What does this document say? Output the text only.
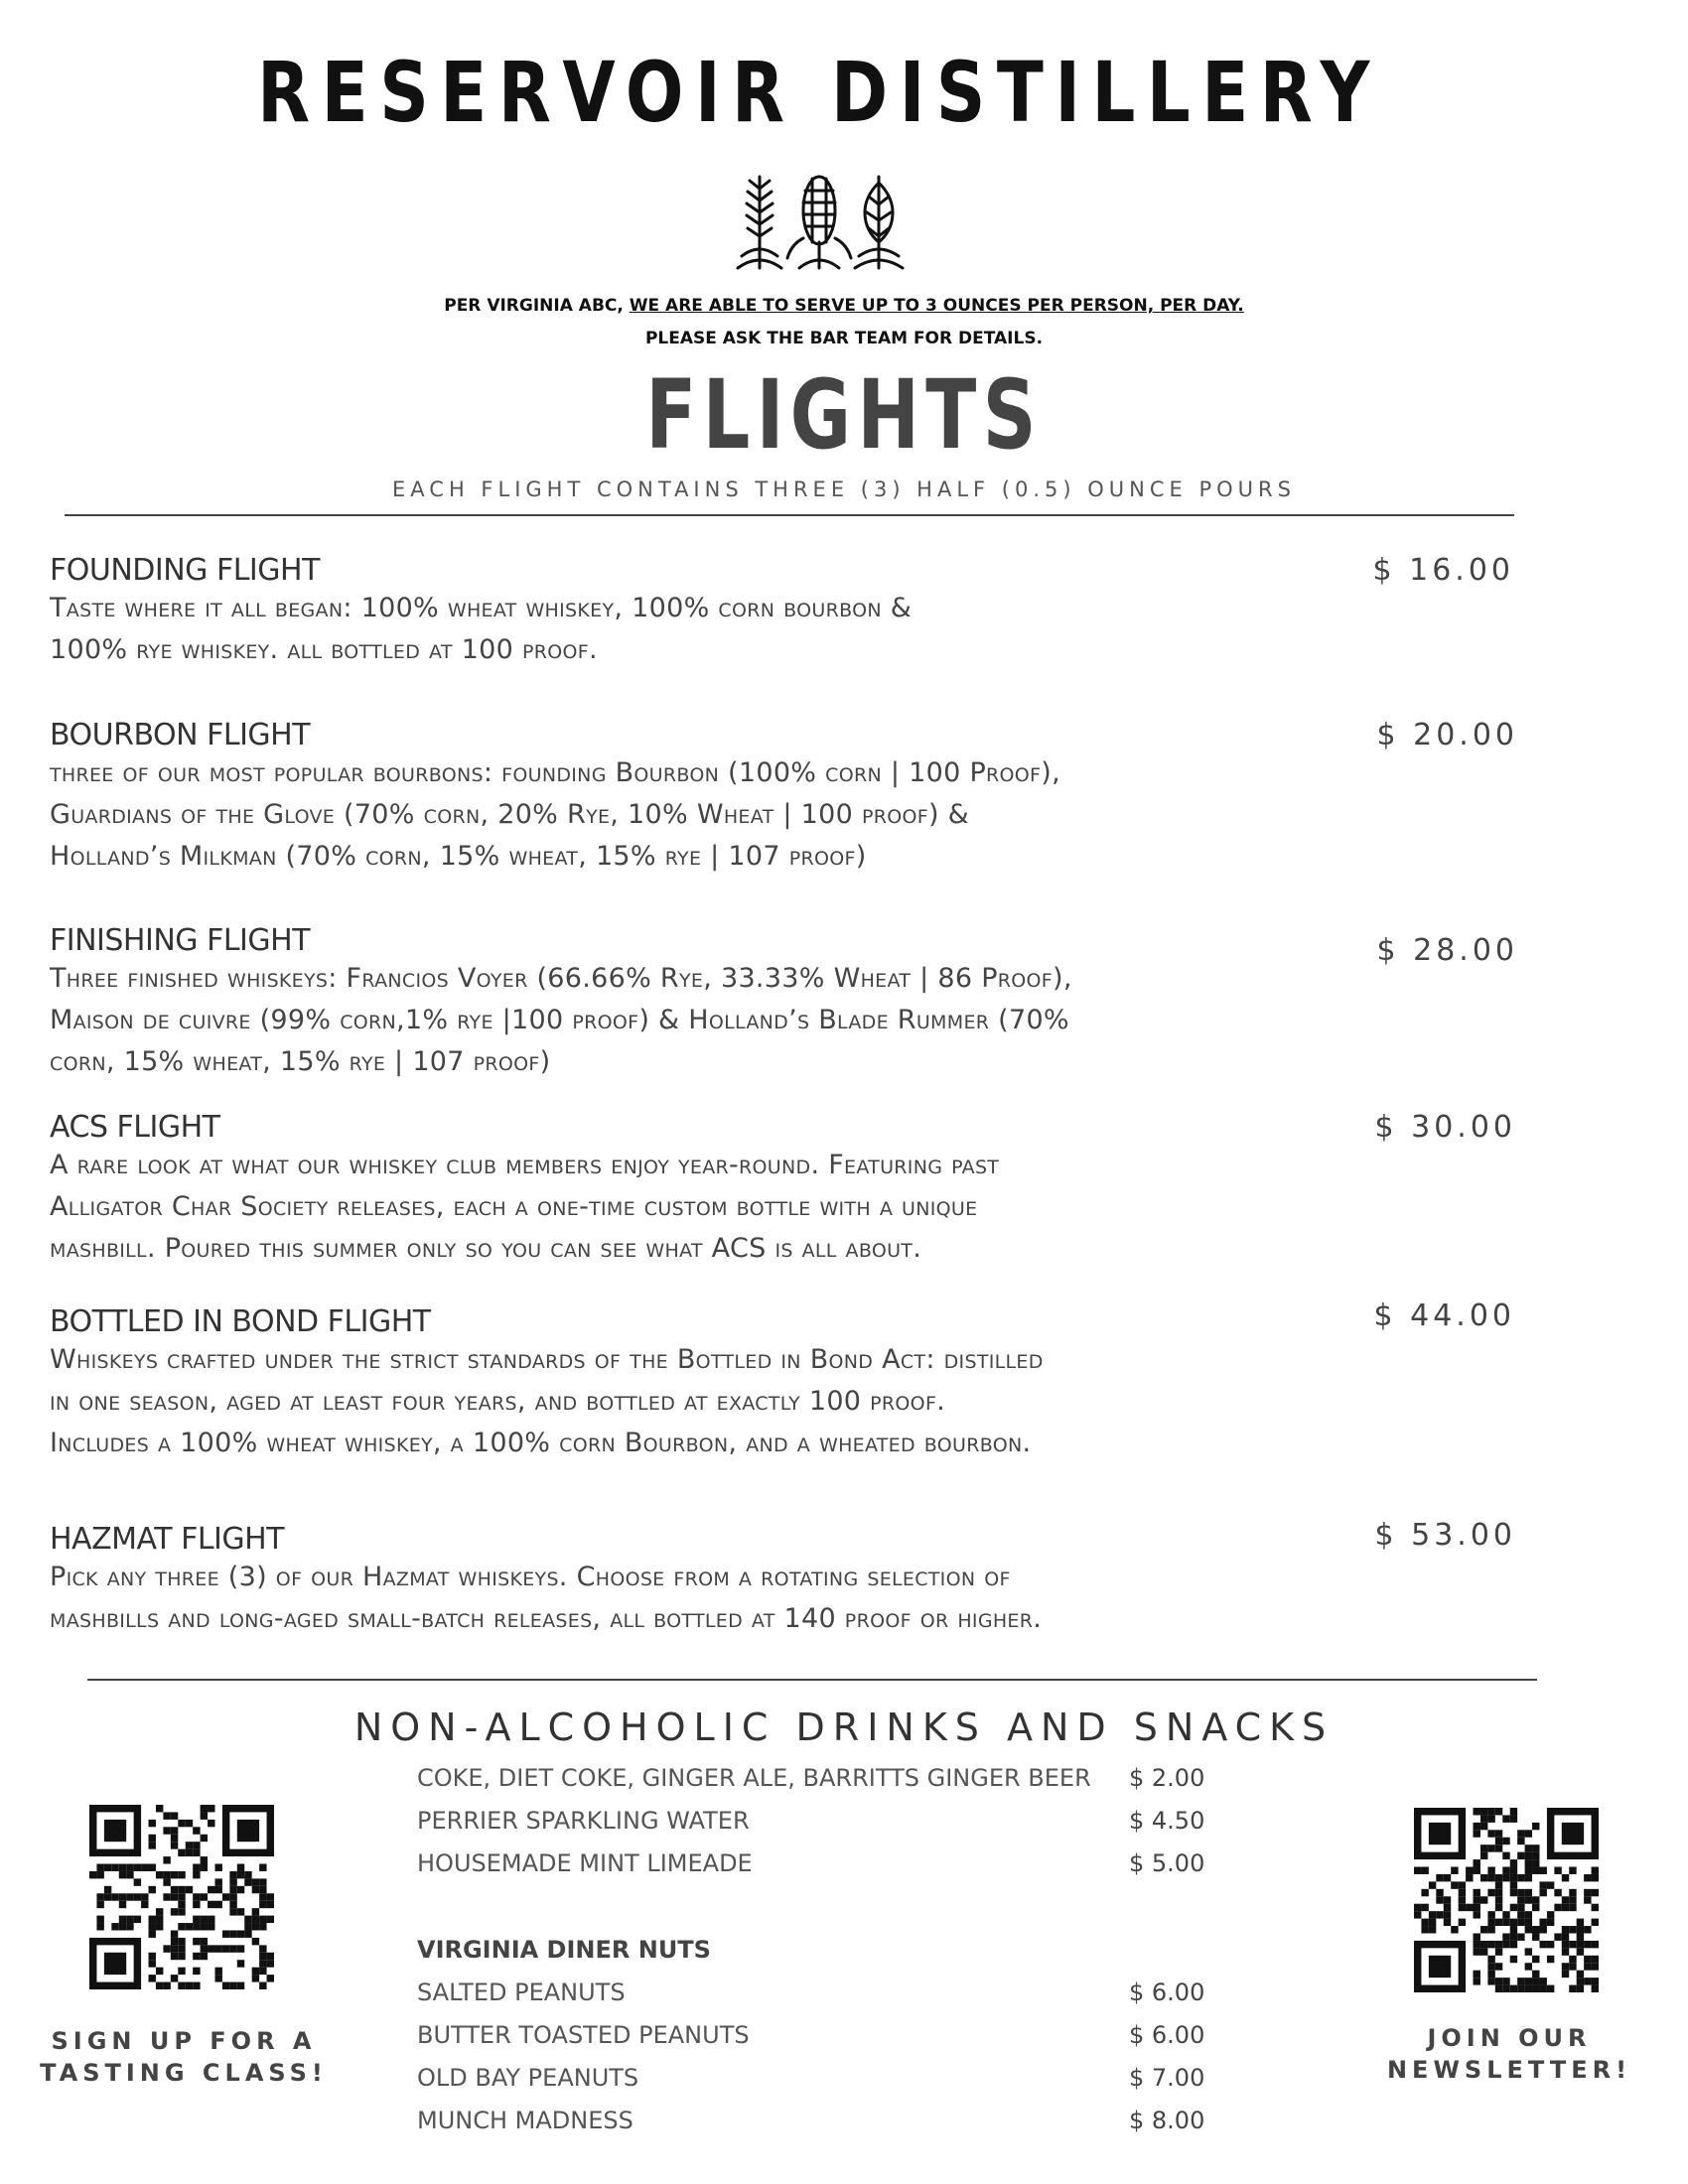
RESERVOIR DISTILLERY
PER VIRGINIA ABC, WE ARE ABLE TO SERVE UP TO 3 OUNCES PER PERSON, PER DAY.
PLEASE ASK THE BAR TEAM FOR DETAILS.
FLIGHTS
EACH FLIGHT CONTAINS THREE (3) HALF (0.5) OUNCE POURS
FOUNDING FLIGHT
Taste where it all began: 100% wheat whiskey, 100% corn bourbon &
100% rye whiskey. all bottled at 100 proof.
$ 16.00
BOURBON FLIGHT
three of our most popular bourbons: founding Bourbon (100% corn | 100 Proof),
Guardians of the Glove (70% corn, 20% Rye, 10% Wheat | 100 proof) &
Holland’s Milkman (70% corn, 15% wheat, 15% rye | 107 proof)
$ 20.00
FINISHING FLIGHT
Three finished whiskeys: Francios Voyer (66.66% Rye, 33.33% Wheat | 86 Proof),
Maison de cuivre (99% corn,1% rye |100 proof) & Holland’s Blade Rummer (70%
corn, 15% wheat, 15% rye | 107 proof)
$ 28.00
ACS FLIGHT
A rare look at what our whiskey club members enjoy year-round. Featuring past
Alligator Char Society releases, each a one-time custom bottle with a unique
mashbill. Poured this summer only so you can see what ACS is all about.
$ 30.00
BOTTLED IN BOND FLIGHT
Whiskeys crafted under the strict standards of the Bottled in Bond Act: distilled
in one season, aged at least four years, and bottled at exactly 100 proof.
Includes a 100% wheat whiskey, a 100% corn Bourbon, and a wheated bourbon.
$ 44.00
HAZMAT FLIGHT
Pick any three (3) of our Hazmat whiskeys. Choose from a rotating selection of
mashbills and long-aged small-batch releases, all bottled at 140 proof or higher.
$ 53.00
NON-ALCOHOLIC DRINKS AND SNACKS
COKE, DIET COKE, GINGER ALE, BARRITTS GINGER BEER $ 2.00
PERRIER SPARKLING WATER	$ 4.50
HOUSEMADE MINT LIMEADE	$ 5.00
VIRGINIA DINER NUTS
SALTED PEANUTS	$ 6.00
BUTTER TOASTED PEANUTS	$ 6.00
OLD BAY PEANUTS	$ 7.00
MUNCH MADNESS	$ 8.00
SIGN UP FOR A
TASTING CLASS!
JOIN OUR
NEWSLETTER!
